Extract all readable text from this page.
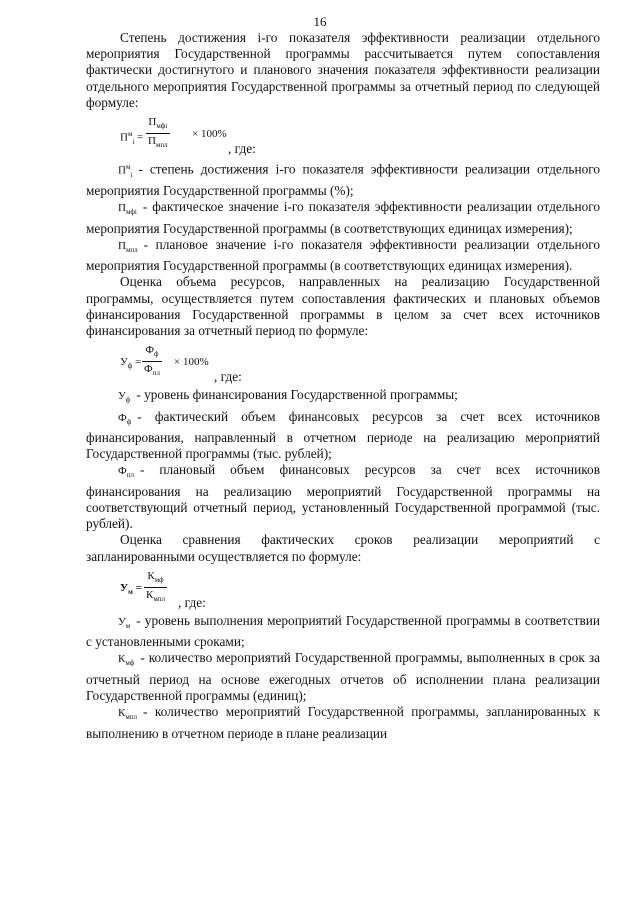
16

Степень достижения i-го показателя эффективности реализации отдельного мероприятия Государственной программы рассчитывается путем сопоставления фактически достигнутого и планового значения показателя эффективности реализации отдельного мероприятия Государственной программы за отчетный период по следующей формуле:

$П^м_i$ =
$П_{мфi}$
$П_{мпл}$
× 100%
, где:

$П^м_i$ - степень достижения i-го показателя эффективности реализации отдельного мероприятия Государственной программы (%);

$П_{мфi}$ - фактическое значение i-го показателя эффективности реализации отдельного мероприятия Государственной программы (в соответствующих единицах измерения);

$П_{мпл}$ - плановое значение i-го показателя эффективности реализации отдельного мероприятия Государственной программы (в соответствующих единицах измерения).

Оценка объема ресурсов, направленных на реализацию Государственной программы, осуществляется путем сопоставления фактических и плановых объемов финансирования Государственной программы в целом за счет всех источников финансирования за отчетный период по формуле:

$У_ф$ =
$Ф_ф$
$Ф_{пл}$
× 100%
, где:

$У_ф$ - уровень финансирования Государственной программы;

$Ф_ф$ - фактический объем финансовых ресурсов за счет всех источников финансирования, направленный в отчетном периоде на реализацию мероприятий Государственной программы (тыс. рублей);

$Ф_{пл}$ - плановый объем финансовых ресурсов за счет всех источников финансирования на реализацию мероприятий Государственной программы на соответствующий отчетный период, установленный Государственной программой (тыс. рублей).

Оценка сравнения фактических сроков реализации мероприятий с запланированными осуществляется по формуле:

$У_м$ =
$К_{мф}$
$К_{мпл}$ , где:

$У_м$ - уровень выполнения мероприятий Государственной программы в соответствии с установленными сроками;

$К_{мф}$ - количество мероприятий Государственной программы, выполненных в срок за отчетный период на основе ежегодных отчетов об исполнении плана реализации Государственной программы (единиц);

$К_{мпл}$ - количество мероприятий Государственной программы, запланированных к выполнению в отчетном периоде в плане реализации
